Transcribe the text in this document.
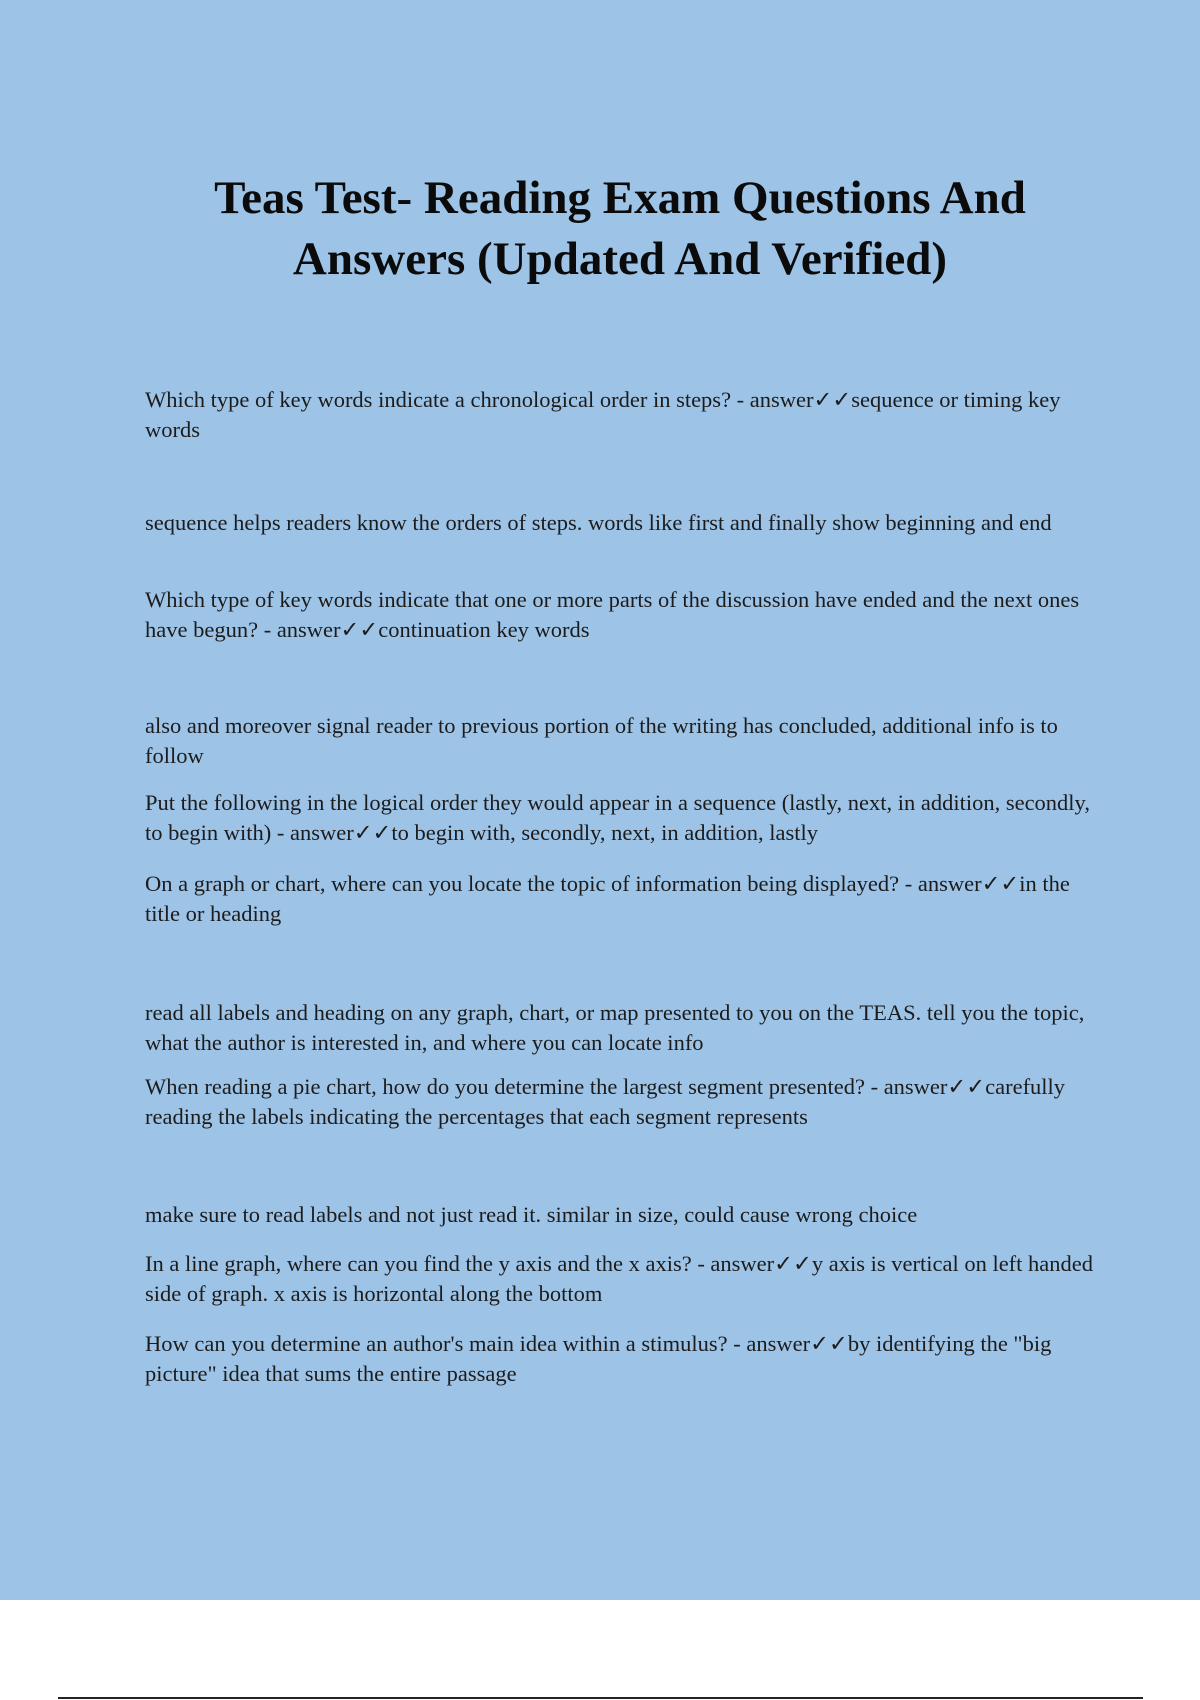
Teas Test- Reading Exam Questions And Answers (Updated And Verified)

Which type of key words indicate a chronological order in steps? - answer✓✓sequence or timing key words

sequence helps readers know the orders of steps. words like first and finally show beginning and end

Which type of key words indicate that one or more parts of the discussion have ended and the next ones have begun? - answer✓✓continuation key words

also and moreover signal reader to previous portion of the writing has concluded, additional info is to follow

Put the following in the logical order they would appear in a sequence (lastly, next, in addition, secondly, to begin with) - answer✓✓to begin with, secondly, next, in addition, lastly

On a graph or chart, where can you locate the topic of information being displayed? - answer✓✓in the title or heading

read all labels and heading on any graph, chart, or map presented to you on the TEAS. tell you the topic, what the author is interested in, and where you can locate info

When reading a pie chart, how do you determine the largest segment presented? - answer✓✓carefully reading the labels indicating the percentages that each segment represents

make sure to read labels and not just read it. similar in size, could cause wrong choice

In a line graph, where can you find the y axis and the x axis? - answer✓✓y axis is vertical on left handed side of graph. x axis is horizontal along the bottom

How can you determine an author's main idea within a stimulus? - answer✓✓by identifying the "big picture" idea that sums the entire passage
